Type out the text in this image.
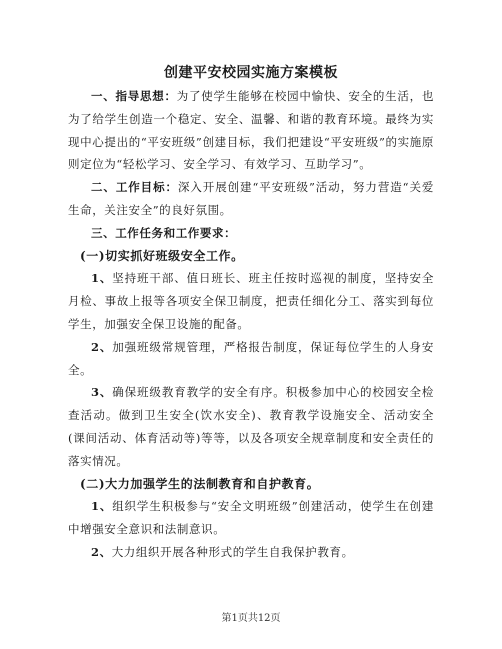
创建平安校园实施方案模板

一、指导思想：为了使学生能够在校园中愉快、安全的生活，也为了给学生创造一个稳定、安全、温馨、和谐的教育环境。最终为实现中心提出的“平安班级”创建目标，我们把建设“平安班级”的实施原则定位为“轻松学习、安全学习、有效学习、互助学习”。

二、工作目标：深入开展创建“平安班级”活动，努力营造“关爱生命，关注安全”的良好氛围。

三、工作任务和工作要求：

(一)切实抓好班级安全工作。

1、坚持班干部、值日班长、班主任按时巡视的制度，坚持安全月检、事故上报等各项安全保卫制度，把责任细化分工、落实到每位学生，加强安全保卫设施的配备。

2、加强班级常规管理，严格报告制度，保证每位学生的人身安全。

3、确保班级教育教学的安全有序。积极参加中心的校园安全检查活动。做到卫生安全(饮水安全)、教育教学设施安全、活动安全(课间活动、体育活动等)等等，以及各项安全规章制度和安全责任的落实情况。

(二)大力加强学生的法制教育和自护教育。

1、组织学生积极参与“安全文明班级”创建活动，使学生在创建中增强安全意识和法制意识。

2、大力组织开展各种形式的学生自我保护教育。

第1页共12页
